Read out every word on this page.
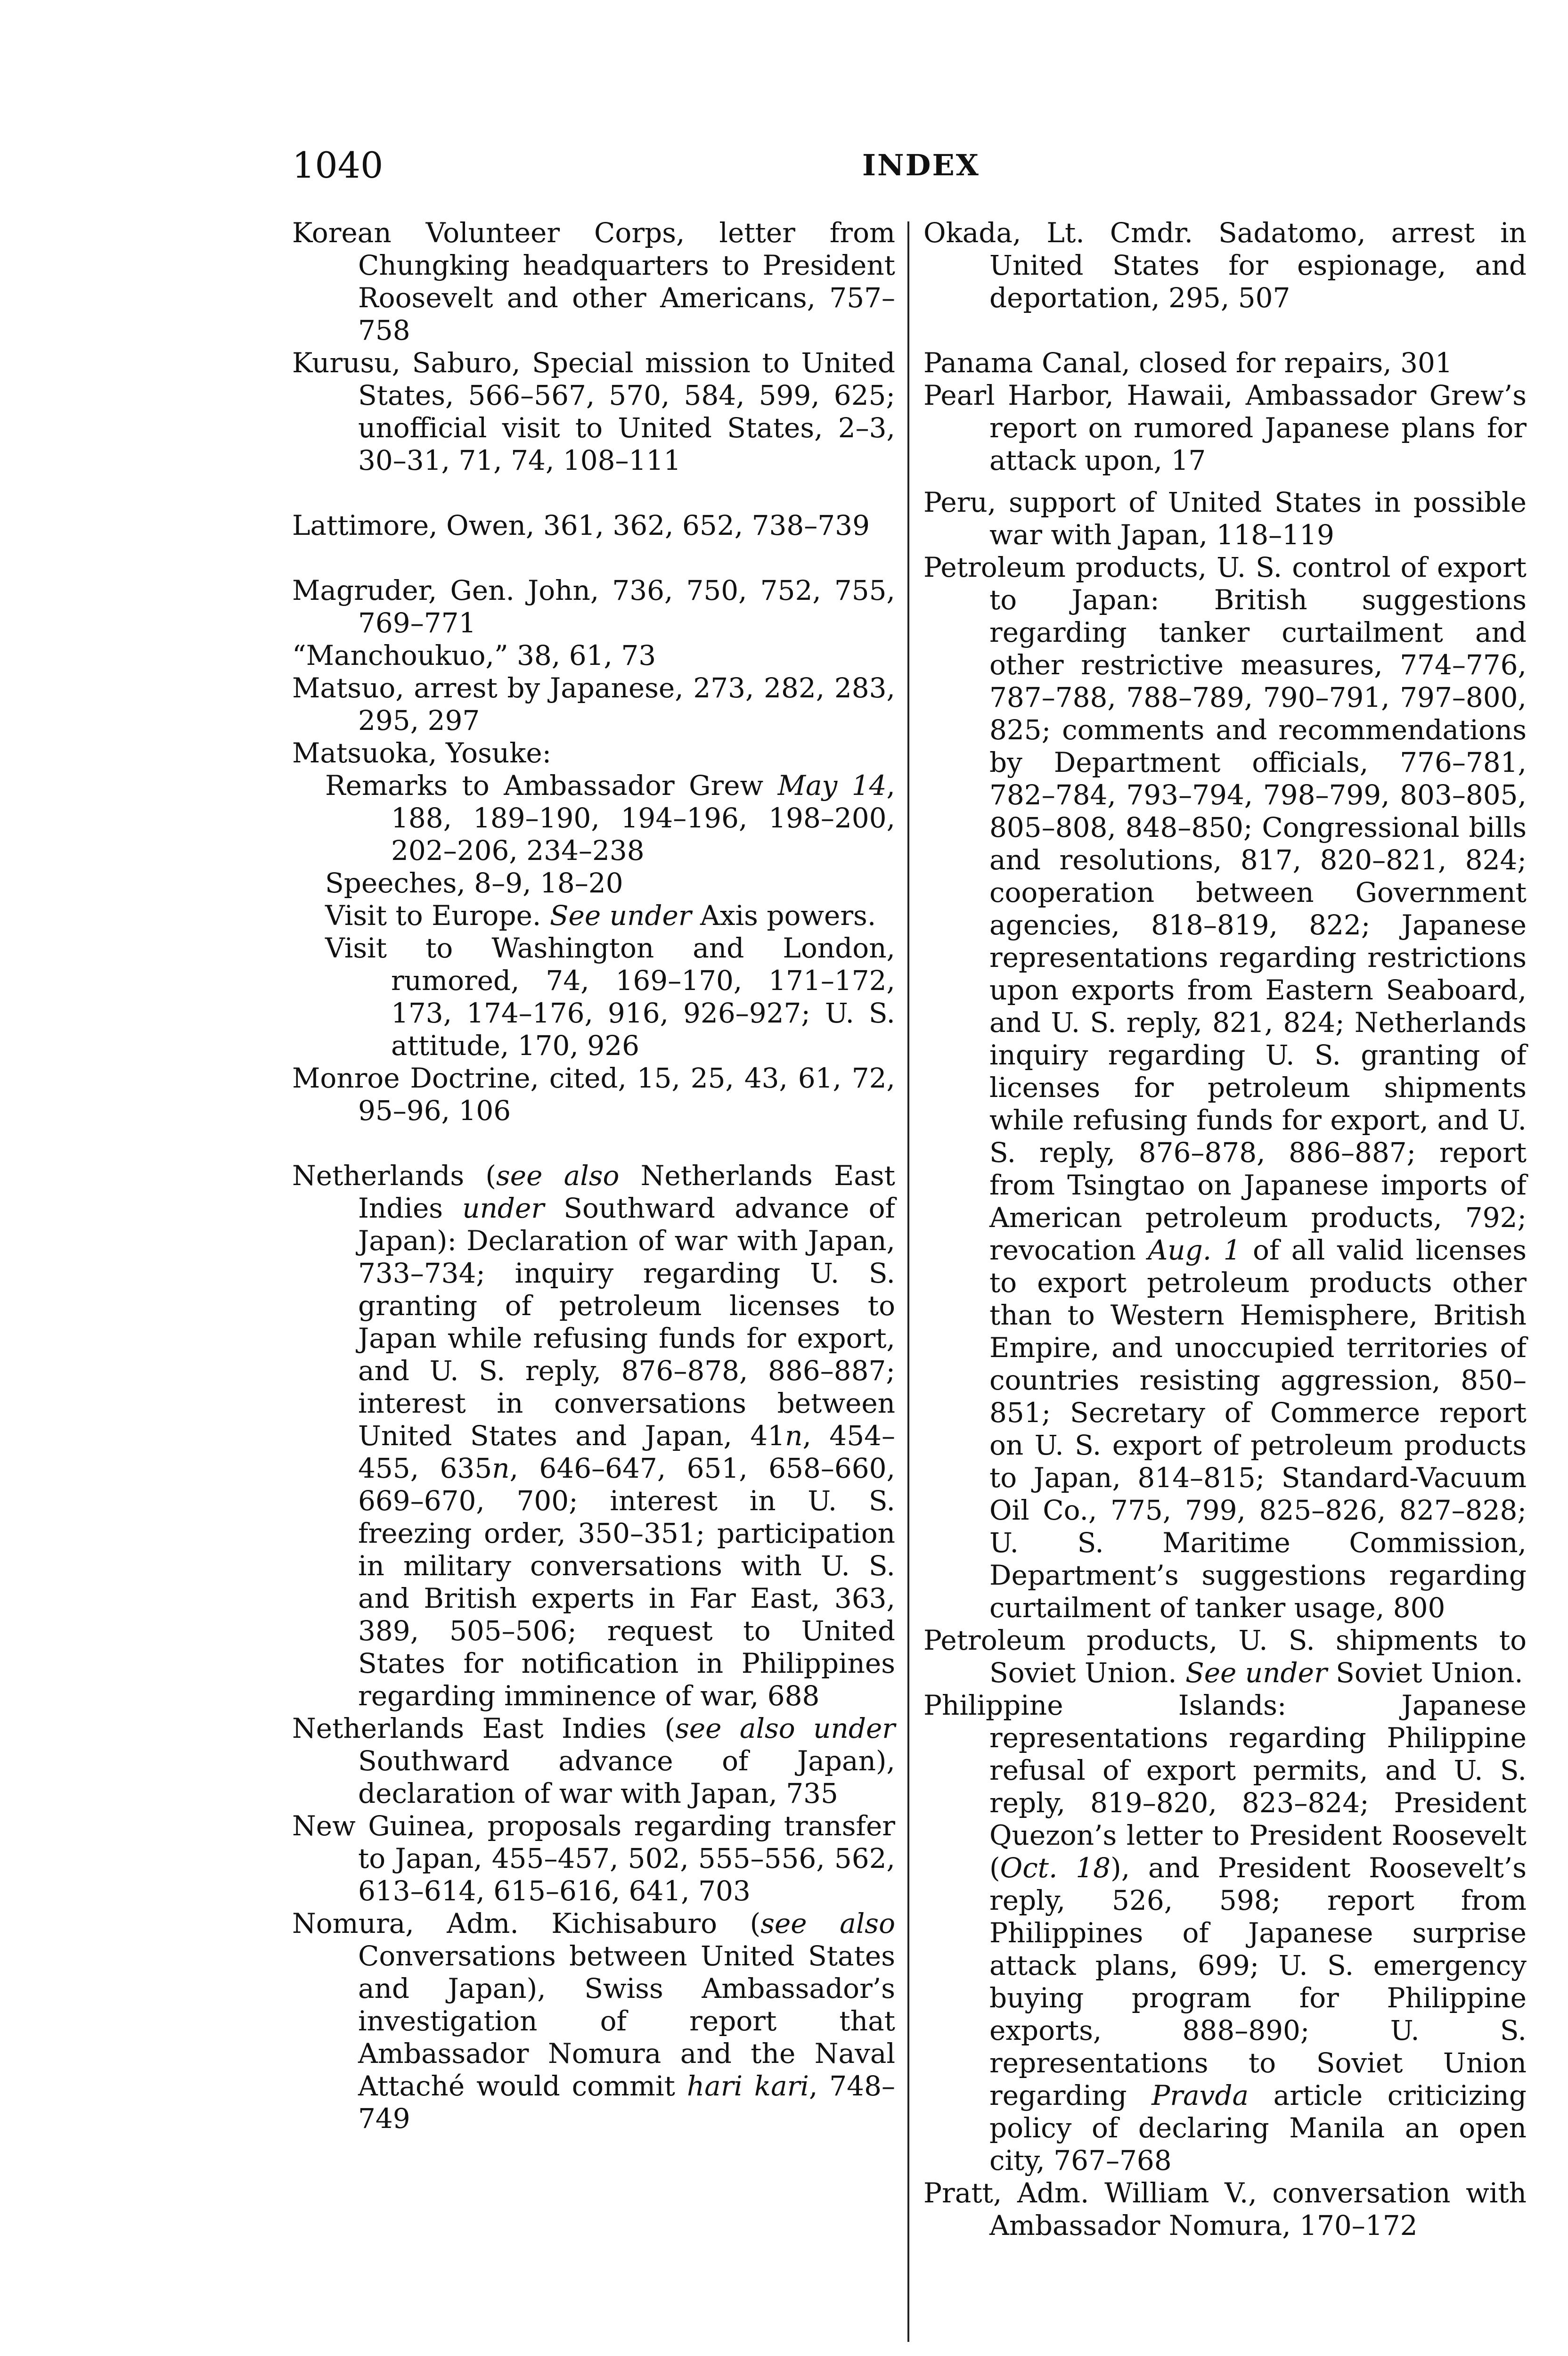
1040	INDEX

Korean Volunteer Corps, letter from Chungking headquarters to President Roosevelt and other Americans, 757–758

Kurusu, Saburo, Special mission to United States, 566–567, 570, 584, 599, 625; unofficial visit to United States, 2–3, 30–31, 71, 74, 108–111

Lattimore, Owen, 361, 362, 652, 738–739

Magruder, Gen. John, 736, 750, 752, 755, 769–771

“Manchoukuo,” 38, 61, 73

Matsuo, arrest by Japanese, 273, 282, 283, 295, 297

Matsuoka, Yosuke:

Remarks to Ambassador Grew May 14, 188, 189–190, 194–196, 198–200, 202–206, 234–238

Speeches, 8–9, 18–20

Visit to Europe. See under Axis powers.

Visit to Washington and London, rumored, 74, 169–170, 171–172, 173, 174–176, 916, 926–927; U. S. attitude, 170, 926

Monroe Doctrine, cited, 15, 25, 43, 61, 72, 95–96, 106

Netherlands (see also Netherlands East Indies under Southward advance of Japan): Declaration of war with Japan, 733–734; inquiry regarding U. S. granting of petroleum licenses to Japan while refusing funds for export, and U. S. reply, 876–878, 886–887; interest in conversations between United States and Japan, 41n, 454–455, 635n, 646–647, 651, 658–660, 669–670, 700; interest in U. S. freezing order, 350–351; participation in military conversations with U. S. and British experts in Far East, 363, 389, 505–506; request to United States for notification in Philippines regarding imminence of war, 688

Netherlands East Indies (see also under Southward advance of Japan), declaration of war with Japan, 735

New Guinea, proposals regarding transfer to Japan, 455–457, 502, 555–556, 562, 613–614, 615–616, 641, 703

Nomura, Adm. Kichisaburo (see also Conversations between United States and Japan), Swiss Ambassador’s investigation of report that Ambassador Nomura and the Naval Attaché would commit hari kari, 748–749

Okada, Lt. Cmdr. Sadatomo, arrest in United States for espionage, and deportation, 295, 507

Panama Canal, closed for repairs, 301

Pearl Harbor, Hawaii, Ambassador Grew’s report on rumored Japanese plans for attack upon, 17

Peru, support of United States in possible war with Japan, 118–119

Petroleum products, U. S. control of export to Japan: British suggestions regarding tanker curtailment and other restrictive measures, 774–776, 787–788, 788–789, 790–791, 797–800, 825; comments and recommendations by Department officials, 776–781, 782–784, 793–794, 798–799, 803–805, 805–808, 848–850; Congressional bills and resolutions, 817, 820–821, 824; cooperation between Government agencies, 818–819, 822; Japanese representations regarding restrictions upon exports from Eastern Seaboard, and U. S. reply, 821, 824; Netherlands inquiry regarding U. S. granting of licenses for petroleum shipments while refusing funds for export, and U. S. reply, 876–878, 886–887; report from Tsingtao on Japanese imports of American petroleum products, 792; revocation Aug. 1 of all valid licenses to export petroleum products other than to Western Hemisphere, British Empire, and unoccupied territories of countries resisting aggression, 850–851; Secretary of Commerce report on U. S. export of petroleum products to Japan, 814–815; Standard-Vacuum Oil Co., 775, 799, 825–826, 827–828; U. S. Maritime Commission, Department’s suggestions regarding curtailment of tanker usage, 800

Petroleum products, U. S. shipments to Soviet Union. See under Soviet Union.

Philippine Islands: Japanese representations regarding Philippine refusal of export permits, and U. S. reply, 819–820, 823–824; President Quezon’s letter to President Roosevelt (Oct. 18), and President Roosevelt’s reply, 526, 598; report from Philippines of Japanese surprise attack plans, 699; U. S. emergency buying program for Philippine exports, 888–890; U. S. representations to Soviet Union regarding Pravda article criticizing policy of declaring Manila an open city, 767–768

Pratt, Adm. William V., conversation with Ambassador Nomura, 170–172
